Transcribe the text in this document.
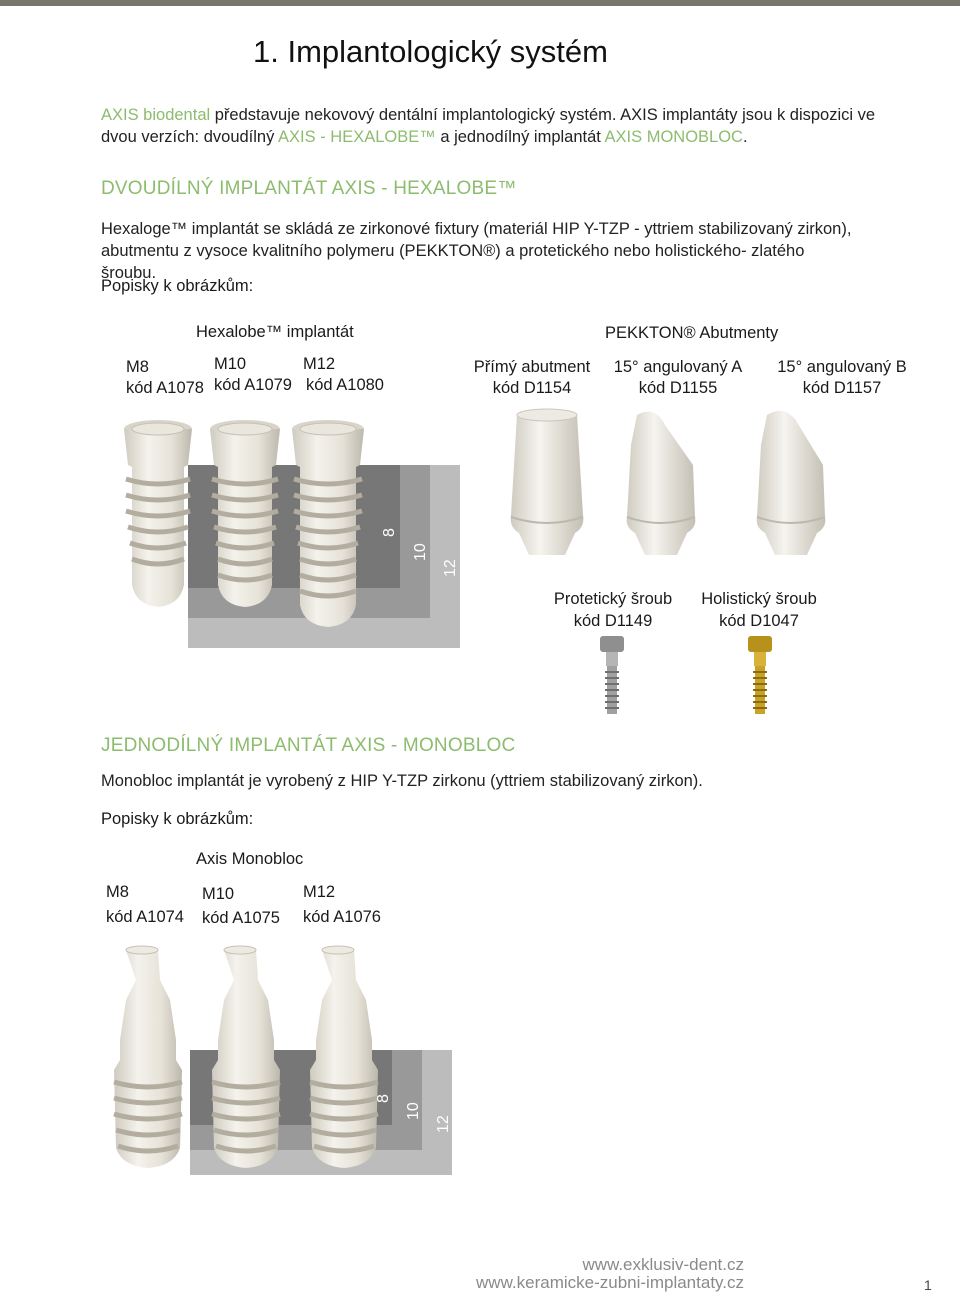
1. Implantologický systém
AXIS biodental představuje nekovový dentální implantologický systém. AXIS implantáty jsou k dispozici ve dvou verzích: dvoudílný AXIS - HEXALOBE™ a jednodílný implantát AXIS MONOBLOC.
DVOUDÍLNÝ IMPLANTÁT AXIS - HEXALOBE™
Hexaloge™ implantát se skládá ze zirkonové fixtury (materiál HIP Y-TZP - yttriem stabilizovaný zirkon), abutmentu z vysoce kvalitního polymeru (PEKKTON®) a protetického nebo holistického- zlatého šroubu.
Popisky k obrázkům:
Hexalobe™ implantát	PEKKTON® Abutmenty
M8
kód A1078
M10
kód A1079
M12
kód A1080
Přímý abutment
kód D1154
15° angulovaný A
kód D1155
15° angulovaný B
kód D1157
8
10
12
Protetický šroub
kód D1149
Holistický šroub
kód D1047
JEDNODÍLNÝ IMPLANTÁT AXIS - MONOBLOC
Monobloc implantát je vyrobený z HIP Y-TZP zirkonu (yttriem stabilizovaný zirkon).
Popisky k obrázkům:
Axis Monobloc
M8
kód A1074
M10
kód A1075
M12
kód A1076
8
10
12
www.exklusiv-dent.cz
www.keramicke-zubni-implantaty.cz	1
